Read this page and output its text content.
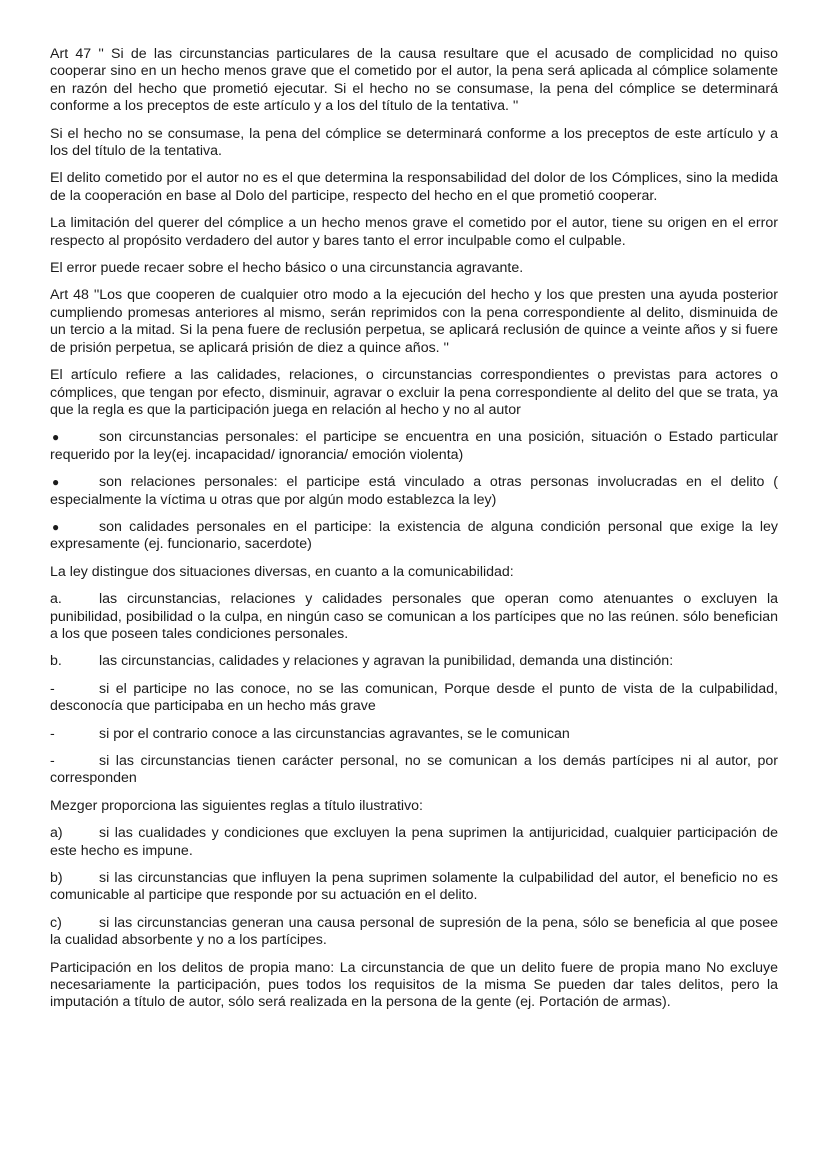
Art 47 '' Si de las circunstancias particulares de la causa resultare que el acusado de complicidad no quiso cooperar sino en un hecho menos grave que el cometido por el autor, la pena será aplicada al cómplice solamente en razón del hecho que prometió ejecutar. Si el hecho no se consumase, la pena del cómplice se determinará conforme a los preceptos de este artículo y a los del título de la tentativa. ''

Si el hecho no se consumase, la pena del cómplice se determinará conforme a los preceptos de este artículo y a los del título de la tentativa.

El delito cometido por el autor no es el que determina la responsabilidad del dolor de los Cómplices, sino la medida de la cooperación en base al Dolo del participe, respecto del hecho en el que prometió cooperar.

La limitación del querer del cómplice a un hecho menos grave el cometido por el autor, tiene su origen en el error respecto al propósito verdadero del autor y bares tanto el error inculpable como el culpable.

El error puede recaer sobre el hecho básico o una circunstancia agravante.

Art 48 ''Los que cooperen de cualquier otro modo a la ejecución del hecho y los que presten una ayuda posterior cumpliendo promesas anteriores al mismo, serán reprimidos con la pena correspondiente al delito, disminuida de un tercio a la mitad. Si la pena fuere de reclusión perpetua, se aplicará reclusión de quince a veinte años y si fuere de prisión perpetua, se aplicará prisión de diez a quince años. ''

El artículo refiere a las calidades, relaciones, o circunstancias correspondientes o previstas para actores o cómplices, que tengan por efecto, disminuir, agravar o excluir la pena correspondiente al delito del que se trata, ya que la regla es que la participación juega en relación al hecho y no al autor

●	son circunstancias personales: el participe se encuentra en una posición, situación o Estado particular requerido por la ley(ej. incapacidad/ ignorancia/ emoción violenta)
●	son relaciones personales: el participe está vinculado a otras personas involucradas en el delito ( especialmente la víctima u otras que por algún modo establezca la ley)
●	son calidades personales en el participe: la existencia de alguna condición personal que exige la ley expresamente (ej. funcionario, sacerdote)

La ley distingue dos situaciones diversas, en cuanto a la comunicabilidad:

a.	las circunstancias, relaciones y calidades personales que operan como atenuantes o excluyen la punibilidad, posibilidad o la culpa, en ningún caso se comunican a los partícipes que no las reúnen. sólo benefician a los que poseen tales condiciones personales.
b.	las circunstancias, calidades y relaciones y agravan la punibilidad, demanda una distinción:
-	si el participe no las conoce, no se las comunican, Porque desde el punto de vista de la culpabilidad, desconocía que participaba en un hecho más grave
-	si por el contrario conoce a las circunstancias agravantes, se le comunican
-	si las circunstancias tienen carácter personal, no se comunican a los demás partícipes ni al autor, por corresponden

Mezger proporciona las siguientes reglas a título ilustrativo:

a)	si las cualidades y condiciones que excluyen la pena suprimen la antijuricidad, cualquier participación de este hecho es impune.
b)	si las circunstancias que influyen la pena suprimen solamente la culpabilidad del autor, el beneficio no es comunicable al participe que responde por su actuación en el delito.
c)	si las circunstancias generan una causa personal de supresión de la pena, sólo se beneficia al que posee la cualidad absorbente y no a los partícipes.

Participación en los delitos de propia mano: La circunstancia de que un delito fuere de propia mano No excluye necesariamente la participación, pues todos los requisitos de la misma Se pueden dar tales delitos, pero la imputación a título de autor, sólo será realizada en la persona de la gente (ej. Portación de armas).
